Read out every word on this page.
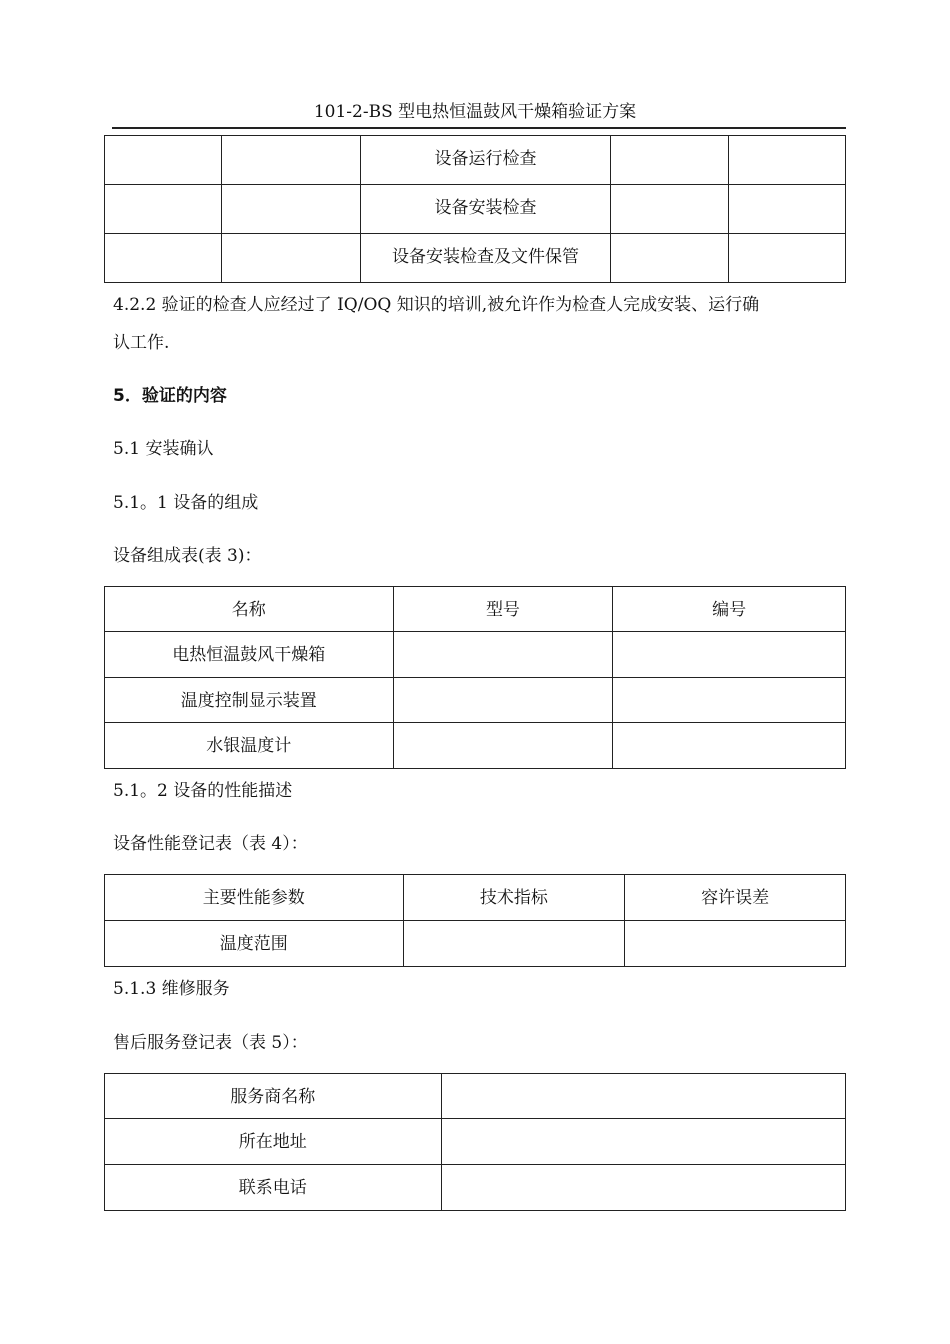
101-2-BS 型电热恒温鼓风干燥箱验证方案

		设备运行检查		

		设备安装检查		

		设备安装检查及文件保管		

4.2.2 验证的检查人应经过了 IQ/OQ 知识的培训,被允许作为检查人完成安装、运行确
认工作.
5．验证的内容
5.1 安装确认
5.1。1 设备的组成
设备组成表(表 3)：
名称	型号	编号

电热恒温鼓风干燥箱		

温度控制显示装置		

水银温度计		

5.1。2 设备的性能描述
设备性能登记表（表 4）：
主要性能参数	技术指标	容许误差

温度范围		

5.1.3 维修服务
售后服务登记表（表 5）：
服务商名称	

所在地址	

联系电话	
